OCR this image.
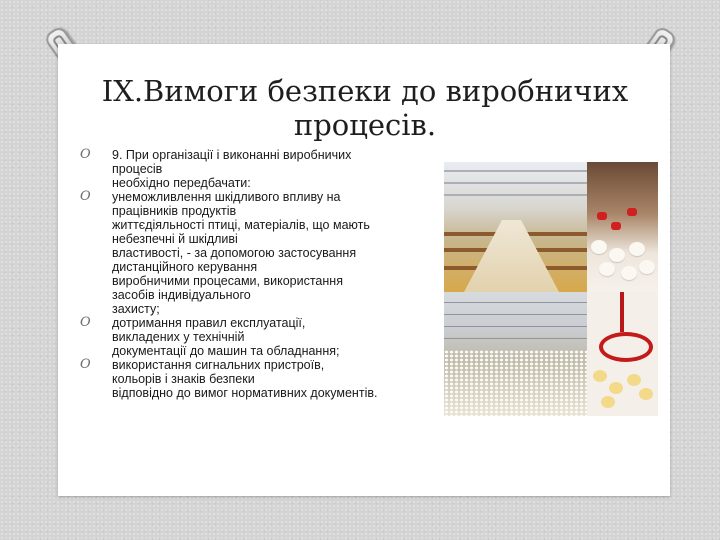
IX.Вимоги безпеки до виробничих процесів.
O	9. При організації і виконанні виробничих
процесів
необхідно передбачати:
O	унеможливлення шкідливого впливу на
працівників продуктів
життєдіяльності птиці, матеріалів, що мають
небезпечні й шкідливі
властивості, - за допомогою застосування
дистанційного керування
виробничими процесами, використання
засобів індивідуального
захисту;
O	дотримання правил експлуатації,
викладених у технічній
документації до машин та обладнання;
O	використання сигнальних пристроїв,
кольорів і знаків безпеки
відповідно до вимог нормативних документів.
